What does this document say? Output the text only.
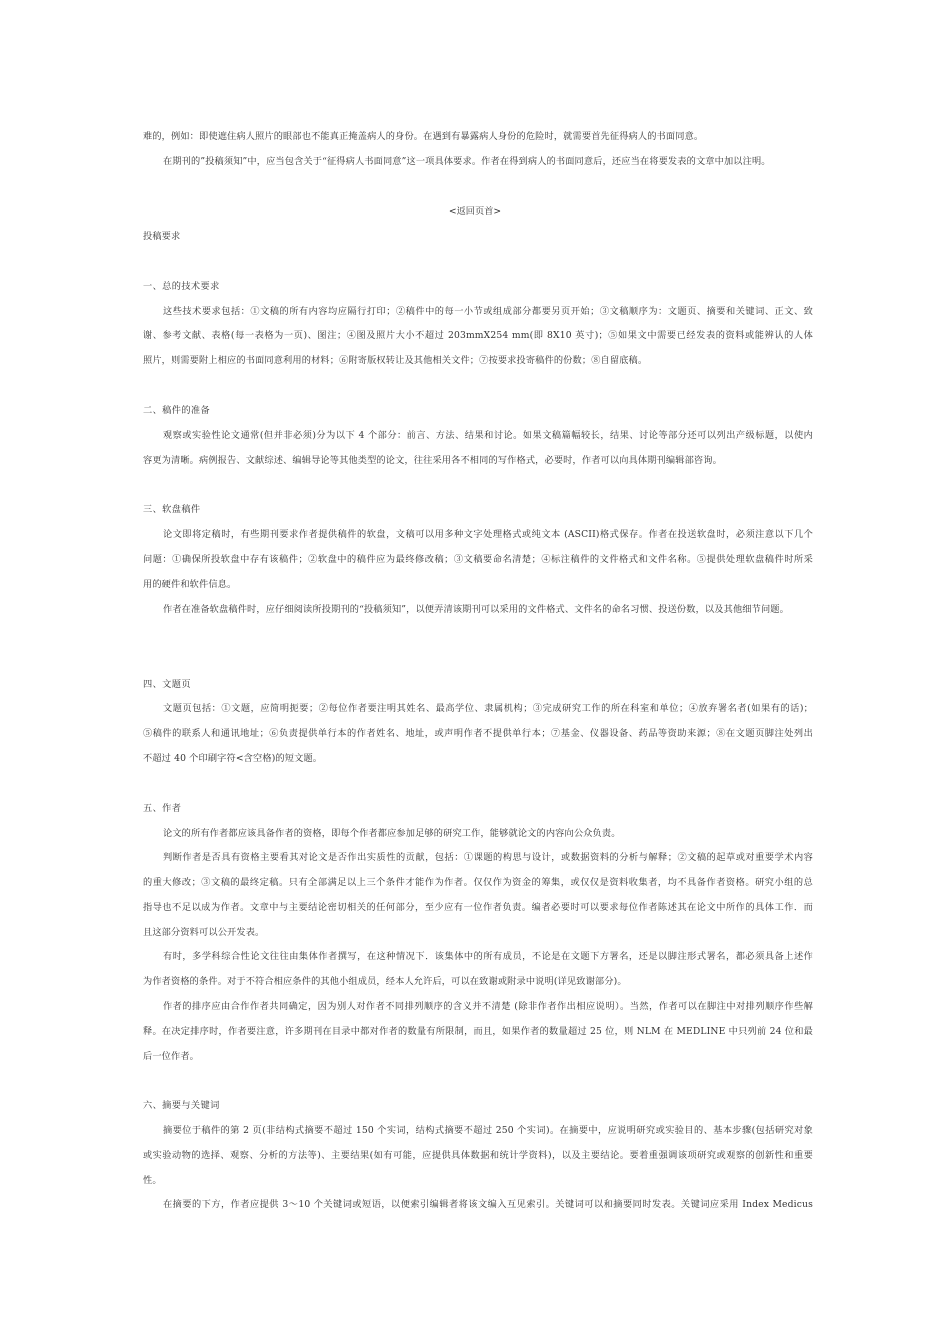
难的，例如：即使遮住病人照片的眼部也不能真正掩盖病人的身份。在遇到有暴露病人身份的危险时，就需要首先征得病人的书面同意。
在期刊的”投稿须知”中，应当包含关于“征得病人书面同意”这一项具体要求。作者在得到病人的书面同意后，还应当在将要发表的文章中加以注明。
<返回页首>
投稿要求
一、总的技术要求
这些技术要求包括：①文稿的所有内容均应隔行打印；②稿件中的每一小节或组成部分都要另页开始；③文稿顺序为：文题页、摘要和关键词、正文、致
谢、参考文献、表格(每一表格为一页)、图注；④图及照片大小不超过 203mmX254 mm(即 8X10 英寸)；⑤如果文中需要已经发表的资料或能辨认的人体
照片，则需要附上相应的书面同意利用的材料；⑥附寄版权转让及其他相关文件；⑦按要求投寄稿件的份数；⑧自留底稿。
二、稿件的准备
观察或实验性论文通常(但并非必须)分为以下 4 个部分：前言、方法、结果和讨论。如果文稿篇幅较长，结果、讨论等部分还可以列出产级标题，以使内
容更为清晰。病例报告、文献综述、编辑导论等其他类型的论文，往往采用各不相同的写作格式，必要时，作者可以向具体期刊编辑部咨询。
三、软盘稿件
论文即将定稿时，有些期刊要求作者提供稿件的软盘，文稿可以用多种文字处理格式或纯文本 (ASCII)格式保存。作者在投送软盘时，必须注意以下几个
问题：①确保所投软盘中存有该稿件；②软盘中的稿件应为最终修改稿；③文稿要命名清楚；④标注稿件的文件格式和文件名称。⑤提供处理软盘稿件时所采
用的硬件和软件信息。
作者在准备软盘稿件时，应仔细阅读所投期刊的“投稿须知”，以便弄清该期刊可以采用的文件格式、文件名的命名习惯、投送份数，以及其他细节问题。
四、文题页
文题页包括：①文题，应简明扼要；②每位作者要注明其姓名、最高学位、隶属机构；③完成研究工作的所在科室和单位；④放弃署名者(如果有的话)；
⑤稿件的联系人和通讯地址；⑥负责提供单行本的作者姓名、地址，或声明作者不提供单行本；⑦基金、仪器设备、药品等资助来源；⑧在文题页脚注处列出
不超过 40 个印刷字符<含空格)的短文题。
五、作者
论文的所有作者都应该具备作者的资格，即每个作者都应参加足够的研究工作，能够就论文的内容向公众负责。
判断作者是否具有资格主要看其对论文是否作出实质性的贡献，包括：①课题的构思与设计，或数据资料的分析与解释；②文稿的起草或对重要学术内容
的重大修改；③文稿的最终定稿。只有全部满足以上三个条件才能作为作者。仅仅作为资金的筹集，或仅仅是资料收集者，均不具备作者资格。研究小组的总
指导也不足以成为作者。文章中与主要结论密切相关的任何部分，至少应有一位作者负责。编者必要时可以要求每位作者陈述其在论文中所作的具体工作．而
且这部分资料可以公开发表。
有时，多学科综合性论文往往由集体作者撰写，在这种情况下．该集体中的所有成员，不论是在文题下方署名，还是以脚注形式署名，都必须具备上述作
为作者资格的条件。对于不符合相应条件的其他小组成员，经本人允许后，可以在致谢或附录中说明(详见致谢部分)。
作者的排序应由合作作者共同确定，因为别人对作者不同排列顺序的含义并不清楚 (除非作者作出相应说明）。当然，作者可以在脚注中对排列顺序作些解
释。在决定排序时，作者要注意，许多期刊在目录中都对作者的数量有所限制，而且，如果作者的数量超过 25 位，则 NLM 在 MEDLINE 中只列前 24 位和最
后一位作者。
六、摘要与关键词
摘要位于稿件的第 2 页(非结构式摘要不超过 150 个实词，结构式摘要不超过 250 个实词)。在摘要中，应说明研究或实验目的、基本步骤(包括研究对象
或实验动物的选择、观察、分析的方法等)、主要结果(如有可能，应提供具体数据和统计学资料)，以及主要结论。要着重强调该项研究或观察的创新性和重要
性。
在摘要的下方，作者应提供 3～10 个关键词或短语，以便索引编辑者将该文编入互见索引。关键词可以和摘要同时发表。关键词应采用 Index Medicus
